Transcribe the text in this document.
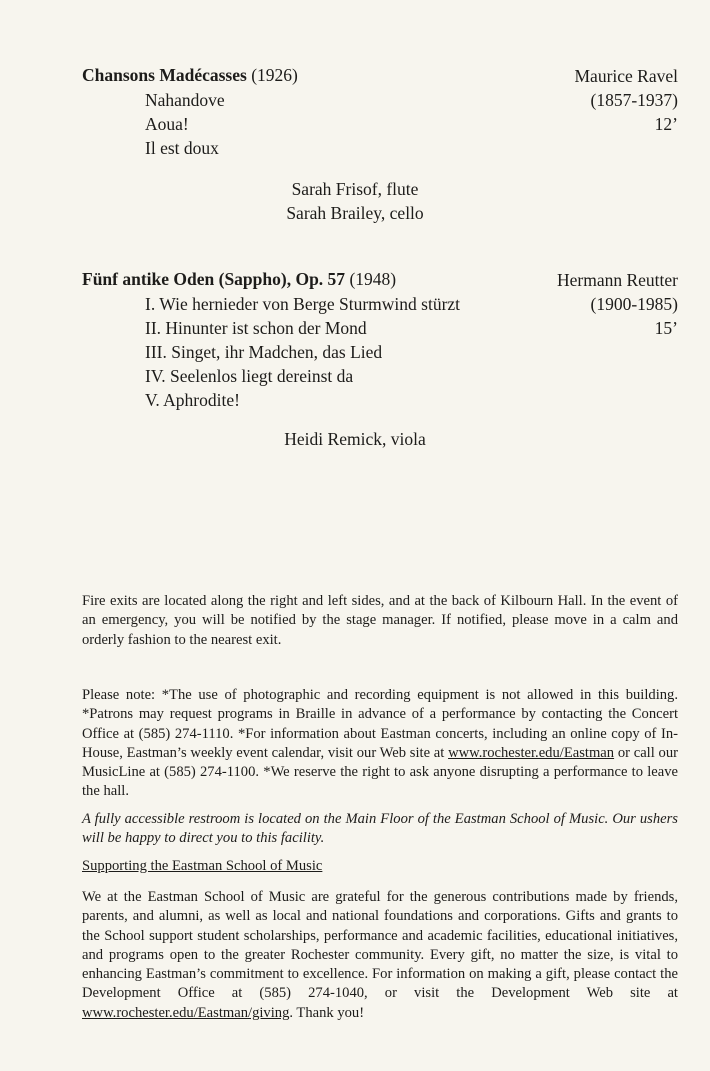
Chansons Madécasses (1926)	Maurice Ravel
(1857-1937)
12’
Nahandove
Aoua!
Il est doux
Sarah Frisof, flute
Sarah Brailey, cello
Fünf antike Oden (Sappho), Op. 57 (1948)	Hermann Reutter
(1900-1985)
15’
I. Wie hernieder von Berge Sturmwind stürzt
II. Hinunter ist schon der Mond
III. Singet, ihr Madchen, das Lied
IV. Seelenlos liegt dereinst da
V. Aphrodite!
Heidi Remick, viola

Fire exits are located along the right and left sides, and at the back of Kilbourn Hall. In the event of an emergency, you will be notified by the stage manager. If notified, please move in a calm and orderly fashion to the nearest exit.

Please note: *The use of photographic and recording equipment is not allowed in this building. *Patrons may request programs in Braille in advance of a performance by contacting the Concert Office at (585) 274-1110. *For information about Eastman concerts, including an online copy of In-House, Eastman’s weekly event calendar, visit our Web site at www.rochester.edu/Eastman or call our MusicLine at (585) 274-1100. *We reserve the right to ask anyone disrupting a performance to leave the hall.

A fully accessible restroom is located on the Main Floor of the Eastman School of Music. Our ushers will be happy to direct you to this facility.

Supporting the Eastman School of Music

We at the Eastman School of Music are grateful for the generous contributions made by friends, parents, and alumni, as well as local and national foundations and corporations. Gifts and grants to the School support student scholarships, performance and academic facilities, educational initiatives, and programs open to the greater Rochester community. Every gift, no matter the size, is vital to enhancing Eastman’s commitment to excellence. For information on making a gift, please contact the Development Office at (585) 274-1040, or visit the Development Web site at www.rochester.edu/Eastman/giving. Thank you!
